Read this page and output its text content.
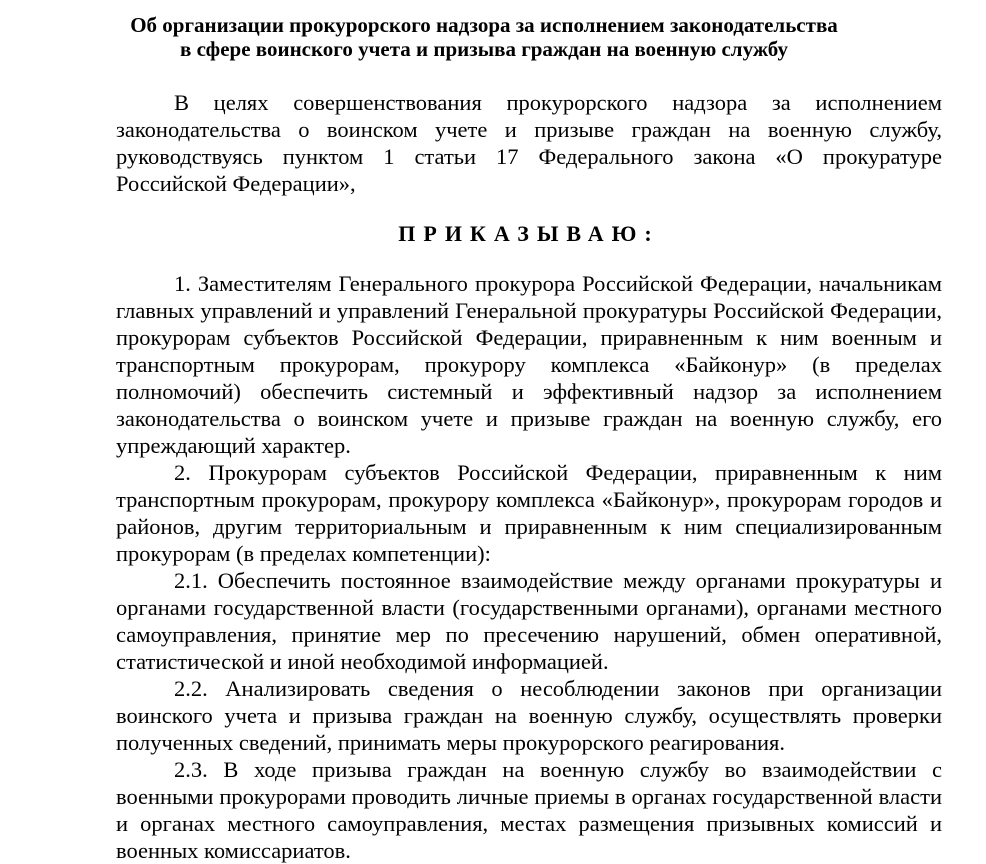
Об организации прокурорского надзора за исполнением законодательства
в сфере воинского учета и призыва граждан на военную службу

В целях совершенствования прокурорского надзора за исполнением законодательства о воинском учете и призыве граждан на военную службу, руководствуясь пунктом 1 статьи 17 Федерального закона «О прокуратуре Российской Федерации»,

ПРИКАЗЫВАЮ:

1. Заместителям Генерального прокурора Российской Федерации, начальникам главных управлений и управлений Генеральной прокуратуры Российской Федерации, прокурорам субъектов Российской Федерации, приравненным к ним военным и транспортным прокурорам, прокурору комплекса «Байконур» (в пределах полномочий) обеспечить системный и эффективный надзор за исполнением законодательства о воинском учете и призыве граждан на военную службу, его упреждающий характер.

2. Прокурорам субъектов Российской Федерации, приравненным к ним транспортным прокурорам, прокурору комплекса «Байконур», прокурорам городов и районов, другим территориальным и приравненным к ним специализированным прокурорам (в пределах компетенции):

2.1. Обеспечить постоянное взаимодействие между органами прокуратуры и органами государственной власти (государственными органами), органами местного самоуправления, принятие мер по пресечению нарушений, обмен оперативной, статистической и иной необходимой информацией.

2.2. Анализировать сведения о несоблюдении законов при организации воинского учета и призыва граждан на военную службу, осуществлять проверки полученных сведений, принимать меры прокурорского реагирования.

2.3. В ходе призыва граждан на военную службу во взаимодействии с военными прокурорами проводить личные приемы в органах государственной власти и органах местного самоуправления, местах размещения призывных комиссий и военных комиссариатов.
